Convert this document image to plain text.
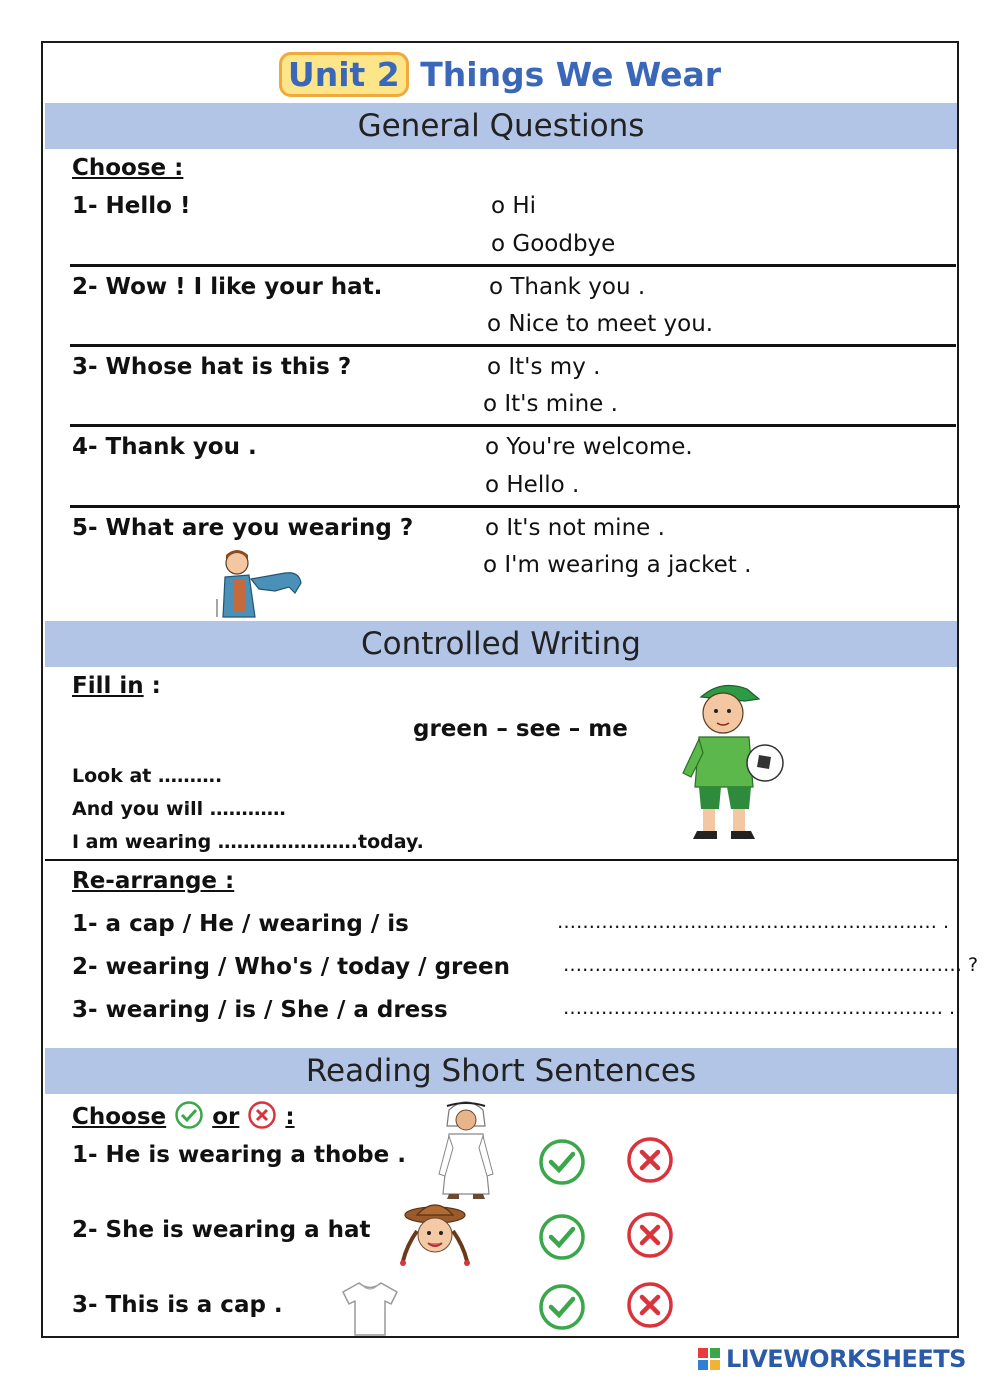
Unit 2 Things We Wear
General Questions
Choose :
1- Hello !	o Hi
o Goodbye
2- Wow ! I like your hat.	o Thank you .
o Nice to meet you.
3- Whose hat is this ?	o It's my .
o It's mine .
4- Thank you .	o You're welcome.
o Hello .
5- What are you wearing ?	o It's not mine .
o I'm wearing a jacket .
Controlled Writing
Fill in :
green – see – me
Look at ……….
And you will …………
I am wearing ………………….today.
Re-arrange :
1- a cap / He / wearing / is	…………………………………………………… .
2- wearing / Who's / today / green	……………………………………………………… ?
3- wearing / is / She / a dress	…………………………………………………… .
Reading Short Sentences
Choose or :
1- He is wearing a thobe .
2- She is wearing a hat
3- This is a cap .
LIVEWORKSHEETS
